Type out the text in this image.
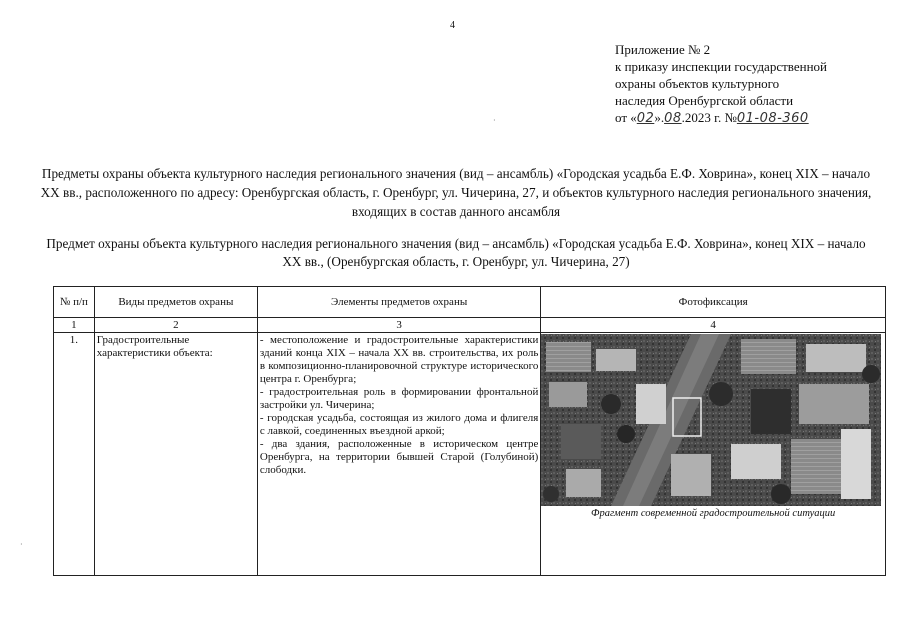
4
Приложение № 2
к приказу инспекции государственной
охраны объектов культурного
наследия Оренбургской области
от «02».08.2023 г. №01-08-360
Предметы охраны объекта культурного наследия регионального значения (вид – ансамбль) «Городская усадьба Е.Ф. Ховрина», конец XIX – начало XX вв., расположенного по адресу: Оренбургская область, г. Оренбург, ул. Чичерина, 27, и объектов культурного наследия регионального значения, входящих в состав данного ансамбля
Предмет охраны объекта культурного наследия регионального значения (вид – ансамбль) «Городская усадьба Е.Ф. Ховрина», конец XIX – начало XX вв., (Оренбургская область, г. Оренбург, ул. Чичерина, 27)
·
·
№ п/п	Виды предметов охраны	Элементы предметов охраны	Фотофиксация
1	2	3	4
1.	Градостроительные характеристики объекта:	- местоположение и градостроительные характеристики зданий конца XIX – начала XX вв. строительства, их роль в композиционно-планировочной структуре исторического центра г. Оренбурга;
- градостроительная роль в формировании фронтальной застройки ул. Чичерина;
- городская усадьба, состоящая из жилого дома и флигеля с лавкой, соединенных въездной аркой;
- два здания, расположенные в историческом центре Оренбурга, на территории бывшей Старой (Голубиной) слободки.	Фрагмент современной градостроительной ситуации
